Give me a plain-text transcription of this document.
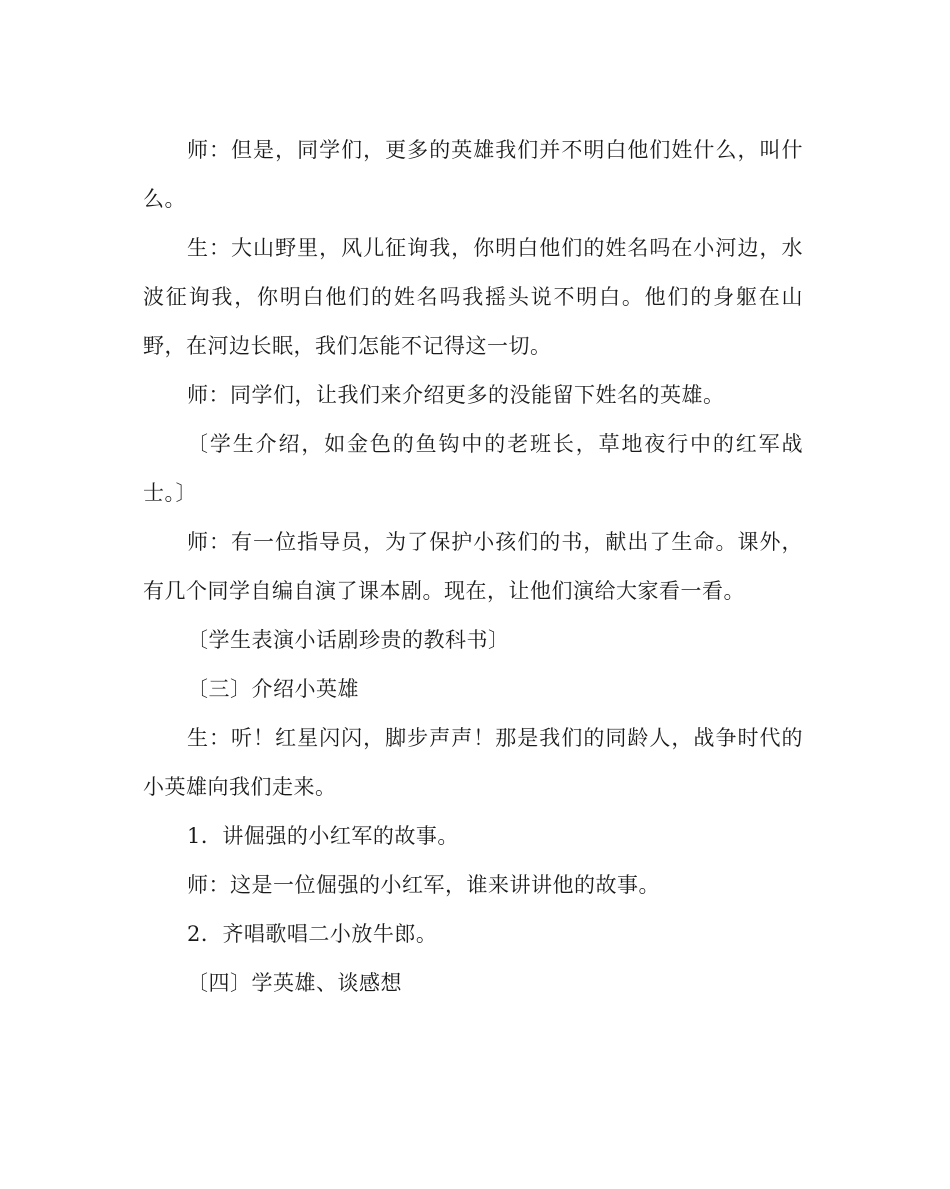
师：但是，同学们，更多的英雄我们并不明白他们姓什么，叫什么。

生：大山野里，风儿征询我，你明白他们的姓名吗在小河边，水波征询我，你明白他们的姓名吗我摇头说不明白。他们的身躯在山野，在河边长眠，我们怎能不记得这一切。

师：同学们，让我们来介绍更多的没能留下姓名的英雄。

〔学生介绍，如金色的鱼钩中的老班长，草地夜行中的红军战士。〕

师：有一位指导员，为了保护小孩们的书，献出了生命。课外，有几个同学自编自演了课本剧。现在，让他们演给大家看一看。

〔学生表演小话剧珍贵的教科书〕

〔三〕介绍小英雄

生：听！红星闪闪，脚步声声！那是我们的同龄人，战争时代的小英雄向我们走来。

1．讲倔强的小红军的故事。

师：这是一位倔强的小红军，谁来讲讲他的故事。

2．齐唱歌唱二小放牛郎。

〔四〕学英雄、谈感想
